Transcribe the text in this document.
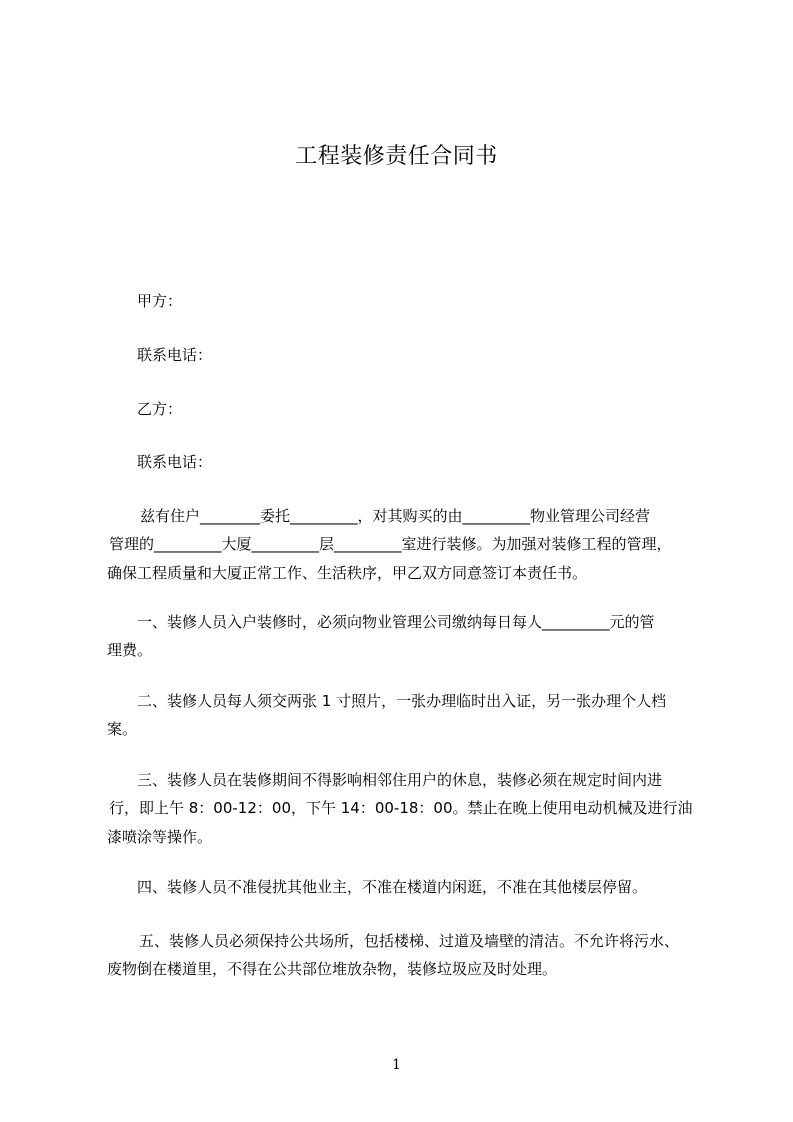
工程装修责任合同书
甲方：
联系电话：
乙方：
联系电话：
兹有住户________委托_________，对其购买的由_________物业管理公司经营
管理的_________大厦_________层_________室进行装修。为加强对装修工程的管理，
确保工程质量和大厦正常工作、生活秩序，甲乙双方同意签订本责任书。
一、装修人员入户装修时，必须向物业管理公司缴纳每日每人_________元的管
理费。
二、装修人员每人须交两张 1 寸照片，一张办理临时出入证，另一张办理个人档
案。
三、装修人员在装修期间不得影响相邻住用户的休息，装修必须在规定时间内进
行，即上午 8：00-12：00，下午 14：00-18：00。禁止在晚上使用电动机械及进行油
漆喷涂等操作。
四、装修人员不准侵扰其他业主，不准在楼道内闲逛，不准在其他楼层停留。
五、装修人员必须保持公共场所，包括楼梯、过道及墙壁的清洁。不允许将污水、
废物倒在楼道里，不得在公共部位堆放杂物，装修垃圾应及时处理。
1
